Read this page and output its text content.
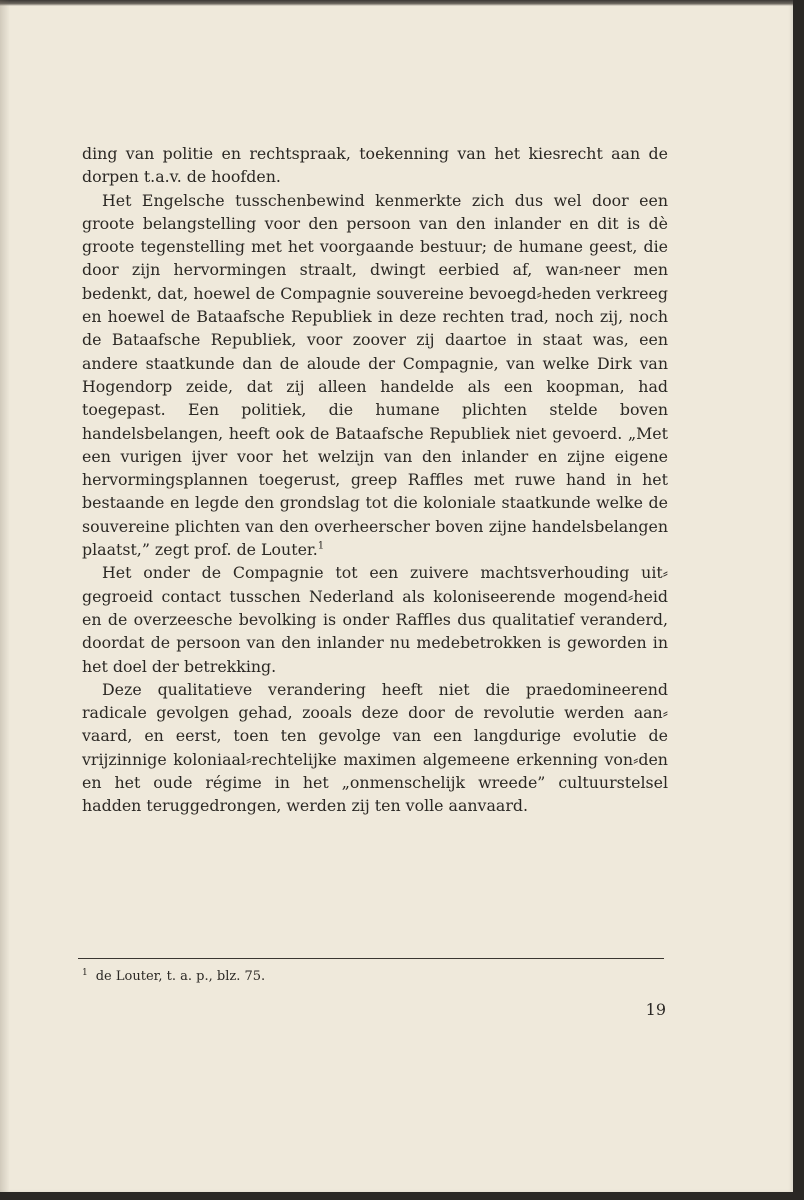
ding van politie en rechtspraak, toekenning van het kiesrecht aan de dorpen t.a.v. de hoofden.

Het Engelsche tusschenbewind kenmerkte zich dus wel door een groote belangstelling voor den persoon van den inlander en dit is dè groote tegenstelling met het voorgaande bestuur; de humane geest, die door zijn hervormingen straalt, dwingt eerbied af, wan⸗neer men bedenkt, dat, hoewel de Compagnie souvereine bevoegd⸗heden verkreeg en hoewel de Bataafsche Republiek in deze rechten trad, noch zij, noch de Bataafsche Republiek, voor zoover zij daartoe in staat was, een andere staatkunde dan de aloude der Compagnie, van welke Dirk van Hogendorp zeide, dat zij alleen handelde als een koopman, had toegepast. Een politiek, die humane plichten stelde boven handelsbelangen, heeft ook de Bataafsche Republiek niet gevoerd. „Met een vurigen ijver voor het welzijn van den inlander en zijne eigene hervormingsplannen toegerust, greep Raffles met ruwe hand in het bestaande en legde den grondslag tot die koloniale staatkunde welke de souvereine plichten van den overheerscher boven zijne handelsbelangen plaatst,” zegt prof. de Louter.$^1$

Het onder de Compagnie tot een zuivere machtsverhouding uit⸗gegroeid contact tusschen Nederland als koloniseerende mogend⸗heid en de overzeesche bevolking is onder Raffles dus qualitatief veranderd, doordat de persoon van den inlander nu medebetrokken is geworden in het doel der betrekking.

Deze qualitatieve verandering heeft niet die praedomineerend radicale gevolgen gehad, zooals deze door de revolutie werden aan⸗vaard, en eerst, toen ten gevolge van een langdurige evolutie de vrijzinnige koloniaal⸗rechtelijke maximen algemeene erkenning von⸗den en het oude régime in het „onmenschelijk wreede” cultuurstelsel hadden teruggedrongen, werden zij ten volle aanvaard.

$^1$ de Louter, t. a. p., blz. 75.
19
